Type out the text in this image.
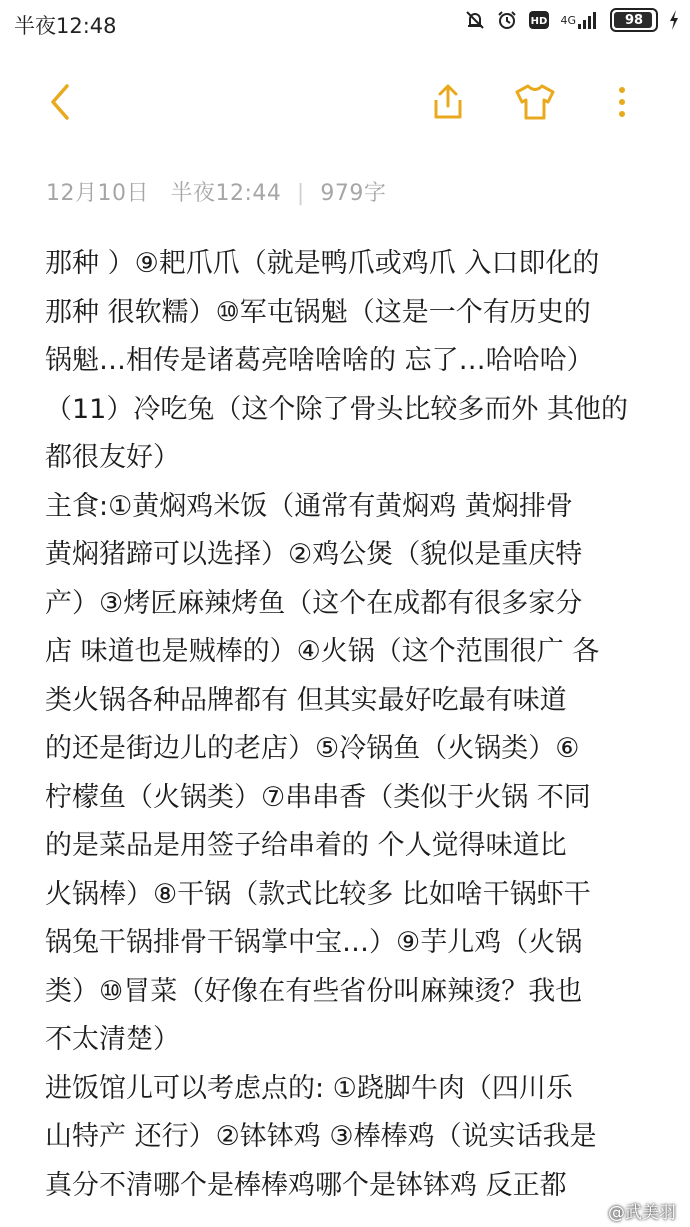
半夜12:48	HD 4G	98
12月10日 半夜12:44 | 979字
那种 ）⑨耙爪爪（就是鸭爪或鸡爪 入口即化的
那种 很软糯）⑩军屯锅魁（这是一个有历史的
锅魁…相传是诸葛亮啥啥啥的 忘了…哈哈哈）
（11）冷吃兔（这个除了骨头比较多而外 其他的
都很友好）
主食:①黄焖鸡米饭（通常有黄焖鸡 黄焖排骨
黄焖猪蹄可以选择）②鸡公煲（貌似是重庆特
产）③烤匠麻辣烤鱼（这个在成都有很多家分
店 味道也是贼棒的）④火锅（这个范围很广 各
类火锅各种品牌都有 但其实最好吃最有味道
的还是街边儿的老店）⑤冷锅鱼（火锅类）⑥
柠檬鱼（火锅类）⑦串串香（类似于火锅 不同
的是菜品是用签子给串着的 个人觉得味道比
火锅棒）⑧干锅（款式比较多 比如啥干锅虾干
锅兔干锅排骨干锅掌中宝…）⑨芋儿鸡（火锅
类）⑩冒菜（好像在有些省份叫麻辣烫？我也
不太清楚）
进饭馆儿可以考虑点的: ①跷脚牛肉（四川乐
山特产 还行）②钵钵鸡 ③棒棒鸡（说实话我是
真分不清哪个是棒棒鸡哪个是钵钵鸡 反正都
@武美羽
